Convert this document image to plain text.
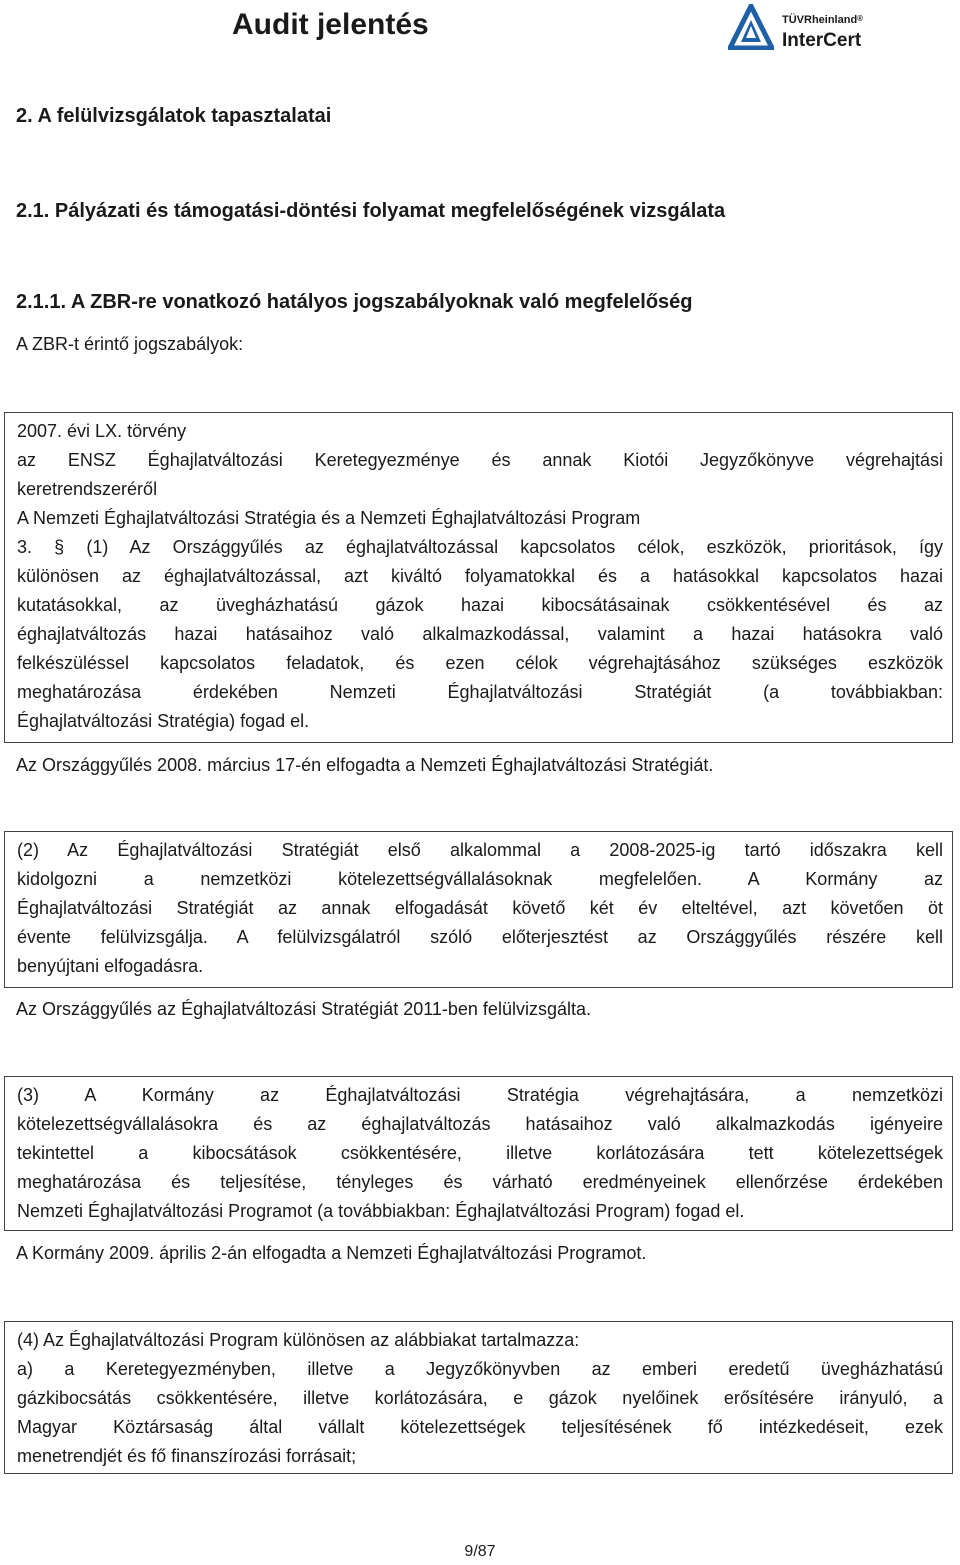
Audit jelentés	TÜVRheinland®
InterCert
2. A felülvizsgálatok tapasztalatai
2.1. Pályázati és támogatási-döntési folyamat megfelelőségének vizsgálata
2.1.1. A ZBR-re vonatkozó hatályos jogszabályoknak való megfelelőség
A ZBR-t érintő jogszabályok:
2007. évi LX. törvény
az ENSZ Éghajlatváltozási Keretegyezménye és annak Kiotói Jegyzőkönyve végrehajtási
keretrendszeréről
A Nemzeti Éghajlatváltozási Stratégia és a Nemzeti Éghajlatváltozási Program
3. § (1) Az Országgyűlés az éghajlatváltozással kapcsolatos célok, eszközök, prioritások, így
különösen az éghajlatváltozással, azt kiváltó folyamatokkal és a hatásokkal kapcsolatos hazai
kutatásokkal, az üvegházhatású gázok hazai kibocsátásainak csökkentésével és az
éghajlatváltozás hazai hatásaihoz való alkalmazkodással, valamint a hazai hatásokra való
felkészüléssel kapcsolatos feladatok, és ezen célok végrehajtásához szükséges eszközök
meghatározása érdekében Nemzeti Éghajlatváltozási Stratégiát (a továbbiakban:
Éghajlatváltozási Stratégia) fogad el.
Az Országgyűlés 2008. március 17-én elfogadta a Nemzeti Éghajlatváltozási Stratégiát.
(2) Az Éghajlatváltozási Stratégiát első alkalommal a 2008-2025-ig tartó időszakra kell
kidolgozni a nemzetközi kötelezettségvállalásoknak megfelelően. A Kormány az
Éghajlatváltozási Stratégiát az annak elfogadását követő két év elteltével, azt követően öt
évente felülvizsgálja. A felülvizsgálatról szóló előterjesztést az Országgyűlés részére kell
benyújtani elfogadásra.
Az Országgyűlés az Éghajlatváltozási Stratégiát 2011-ben felülvizsgálta.
(3) A Kormány az Éghajlatváltozási Stratégia végrehajtására, a nemzetközi
kötelezettségvállalásokra és az éghajlatváltozás hatásaihoz való alkalmazkodás igényeire
tekintettel a kibocsátások csökkentésére, illetve korlátozására tett kötelezettségek
meghatározása és teljesítése, tényleges és várható eredményeinek ellenőrzése érdekében
Nemzeti Éghajlatváltozási Programot (a továbbiakban: Éghajlatváltozási Program) fogad el.
A Kormány 2009. április 2-án elfogadta a Nemzeti Éghajlatváltozási Programot.
(4) Az Éghajlatváltozási Program különösen az alábbiakat tartalmazza:
a) a Keretegyezményben, illetve a Jegyzőkönyvben az emberi eredetű üvegházhatású
gázkibocsátás csökkentésére, illetve korlátozására, e gázok nyelőinek erősítésére irányuló, a
Magyar Köztársaság által vállalt kötelezettségek teljesítésének fő intézkedéseit, ezek
menetrendjét és fő finanszírozási forrásait;
9/87
